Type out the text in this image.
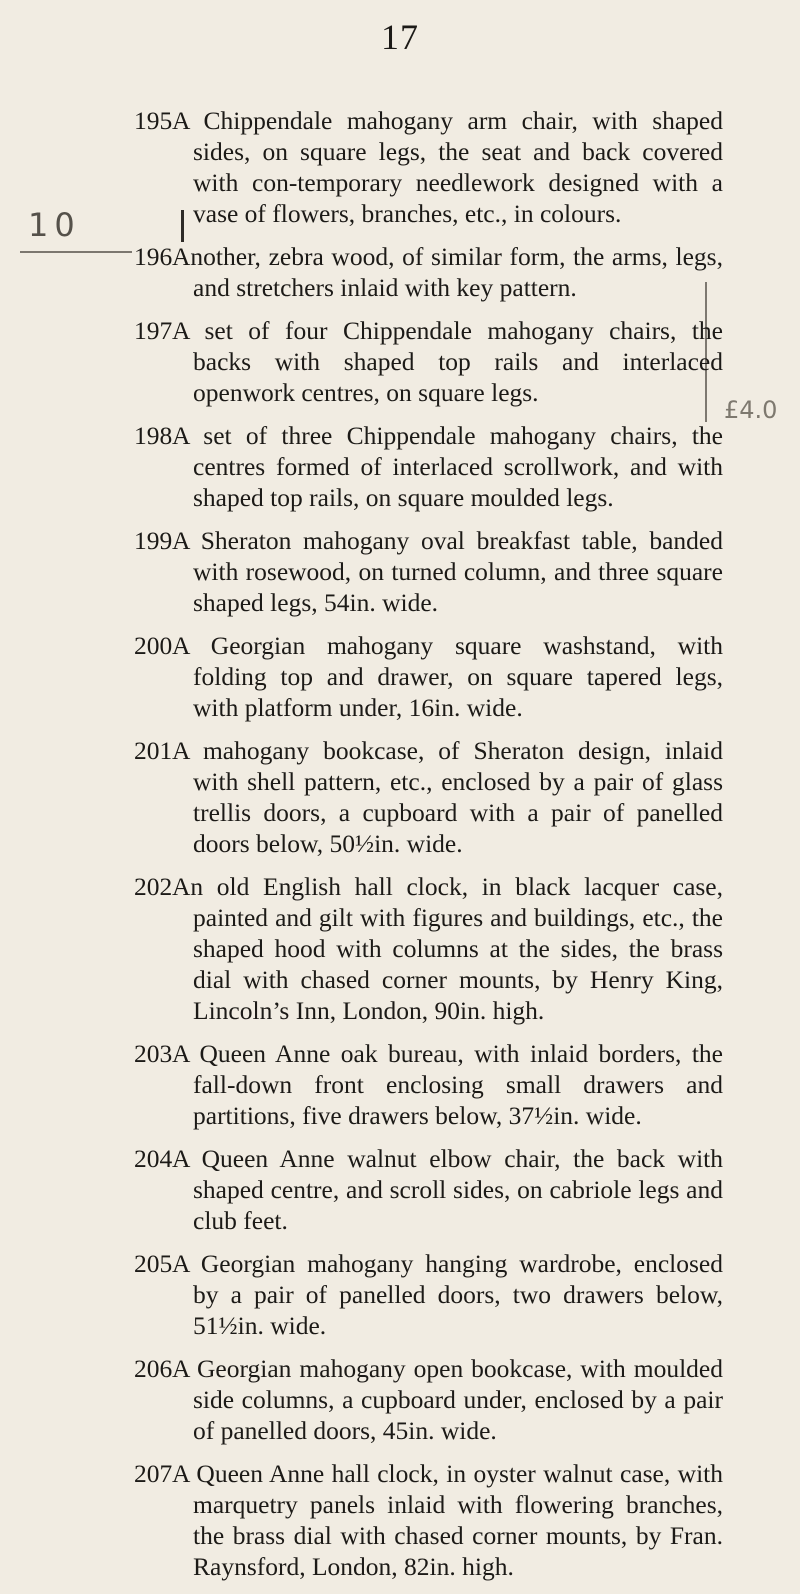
17
10
£4.0
195 A Chippendale mahogany arm chair, with shaped sides, on square legs, the seat and back covered with con-temporary needlework designed with a vase of flowers, branches, etc., in colours.
196 Another, zebra wood, of similar form, the arms, legs, and stretchers inlaid with key pattern.
197 A set of four Chippendale mahogany chairs, the backs with shaped top rails and interlaced openwork centres, on square legs.
198 A set of three Chippendale mahogany chairs, the centres formed of interlaced scrollwork, and with shaped top rails, on square moulded legs.
199 A Sheraton mahogany oval breakfast table, banded with rosewood, on turned column, and three square shaped legs, 54in. wide.
200 A Georgian mahogany square washstand, with folding top and drawer, on square tapered legs, with platform under, 16in. wide.
201 A mahogany bookcase, of Sheraton design, inlaid with shell pattern, etc., enclosed by a pair of glass trellis doors, a cupboard with a pair of panelled doors below, 50½in. wide.
202 An old English hall clock, in black lacquer case, painted and gilt with figures and buildings, etc., the shaped hood with columns at the sides, the brass dial with chased corner mounts, by Henry King, Lincoln’s Inn, London, 90in. high.
203 A Queen Anne oak bureau, with inlaid borders, the fall-down front enclosing small drawers and partitions, five drawers below, 37½in. wide.
204 A Queen Anne walnut elbow chair, the back with shaped centre, and scroll sides, on cabriole legs and club feet.
205 A Georgian mahogany hanging wardrobe, enclosed by a pair of panelled doors, two drawers below, 51½in. wide.
206 A Georgian mahogany open bookcase, with moulded side columns, a cupboard under, enclosed by a pair of panelled doors, 45in. wide.
207 A Queen Anne hall clock, in oyster walnut case, with marquetry panels inlaid with flowering branches, the brass dial with chased corner mounts, by Fran. Raynsford, London, 82in. high.
